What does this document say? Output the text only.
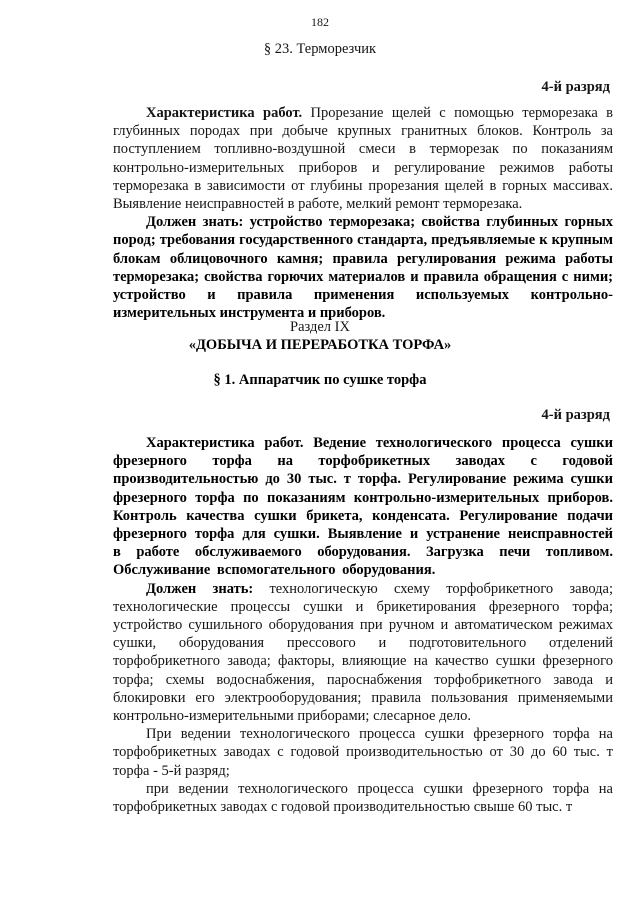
182
§ 23. Терморезчик
4-й разряд

Характеристика работ. Прорезание щелей с помощью терморезака в глубинных породах при добыче крупных гранитных блоков. Контроль за поступлением топливно-воздушной смеси в терморезак по показаниям контрольно-измерительных приборов и регулирование режимов работы терморезака в зависимости от глубины прорезания щелей в горных массивах. Выявление неисправностей в работе, мелкий ремонт терморезака.

Должен знать: устройство терморезака; свойства глубинных горных пород; требования государственного стандарта, предъявляемые к крупным блокам облицовочного камня; правила регулирования режима работы терморезака; свойства горючих материалов и правила обращения с ними; устройство и правила применения используемых контрольно-измерительных инструмента и приборов.

Раздел IX
«ДОБЫЧА И ПЕРЕРАБОТКА ТОРФА»
§ 1. Аппаратчик по сушке торфа
4-й разряд

Характеристика работ. Ведение технологического процесса сушки фрезерного торфа на торфобрикетных заводах с годовой производительностью до 30 тыс. т торфа. Регулирование режима сушки фрезерного торфа по показаниям контрольно-измерительных приборов. Контроль качества сушки брикета, конденсата. Регулирование подачи фрезерного торфа для сушки. Выявление и устранение неисправностей в работе обслуживаемого оборудования. Загрузка печи топливом. Обслуживание вспомогательного оборудования.

Должен знать: технологическую схему торфобрикетного завода; технологические процессы сушки и брикетирования фрезерного торфа; устройство сушильного оборудования при ручном и автоматическом режимах сушки, оборудования прессового и подготовительного отделений торфобрикетного завода; факторы, влияющие на качество сушки фрезерного торфа; схемы водоснабжения, пароснабжения торфобрикетного завода и блокировки его электрооборудования; правила пользования применяемыми контрольно-измерительными приборами; слесарное дело.

При ведении технологического процесса сушки фрезерного торфа на торфобрикетных заводах с годовой производительностью от 30 до 60 тыс. т торфа - 5-й разряд;

при ведении технологического процесса сушки фрезерного торфа на торфобрикетных заводах с годовой производительностью свыше 60 тыс. т
